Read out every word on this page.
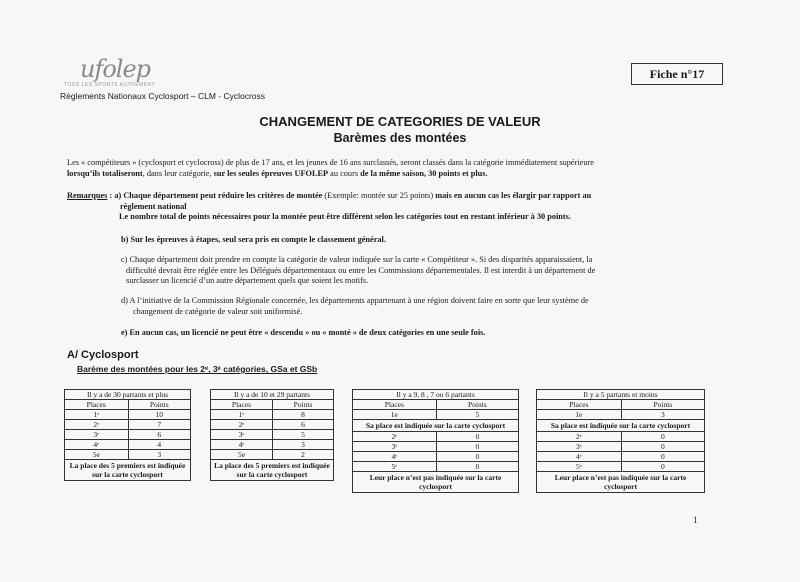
ufolep
TOUS LES SPORTS AUTREMENT
Règlements Nationaux Cyclosport – CLM - Cyclocross
Fiche n°17
CHANGEMENT DE CATEGORIES DE VALEUR
Barèmes des montées
Les « compétiteurs » (cyclosport et cyclocross) de plus de 17 ans, et les jeunes de 16 ans surclassés, seront classés dans la catégorie immédiatement supérieure
lorsqu’ils totaliseront, dans leur catégorie, sur les seules épreuves UFOLEP au cours de la même saison, 30 points et plus.
Remarques : a) Chaque département peut réduire les critères de montée (Exemple: montée sur 25 points) mais en aucun cas les élargir par rapport au
règlement national
Le nombre total de points nécessaires pour la montée peut être différent selon les catégories tout en restant inférieur à 30 points.
b) Sur les épreuves à étapes, seul sera pris en compte le classement général.
c) Chaque département doit prendre en compte la catégorie de valeur indiquée sur la carte « Compétiteur ». Si des disparités apparaissaient, la
difficulté devrait être réglée entre les Délégués départementaux ou entre les Commissions départementales. Il est interdit à un département de
surclasser un licencié d’un autre département quels que soient les motifs.
d) A l’initiative de la Commission Régionale concernée, les départements appartenant à une région doivent faire en sorte que leur système de
changement de catégorie de valeur soit uniformisé.
e) En aucun cas, un licencié ne peut être « descendu » ou « monté » de deux catégories en une seule fois.
A/ Cyclosport
Barème des montées pour les 2ᵉ, 3ᵉ catégories, GSa et GSb
Il y a de 30 partants et plus	
Places	Points
1ᵉ	10
2ᵉ	7
3ᵉ	6
4ᵉ	4
5e	3
La place des 5 premiers est indiquée sur la carte cyclosport	
Il y a de 10 et 29 partants	
Places	Points
1ᵉ	8
2ᵉ	6
3ᵉ	5
4ᵉ	3
5e	2
La place des 5 premiers est indiquée sur la carte cyclosport	
Il y a 9, 8 , 7 ou 6 partants	
Places	Points
1e	5
Sa place est indiquée sur la carte cyclosport	
2ᵉ	0
3ᵉ	0
4ᵉ	0
5ᵉ	0
Leur place n’est pas indiquée sur la carte cyclosport	
Il y a 5 partants et moins	
Places	Points
1e	3
Sa place est indiquée sur la carte cyclosport	
2ᵉ	0
3ᵉ	0
4ᵉ	0
5ᵉ	0
Leur place n’est pas indiquée sur la carte cyclosport	
1
